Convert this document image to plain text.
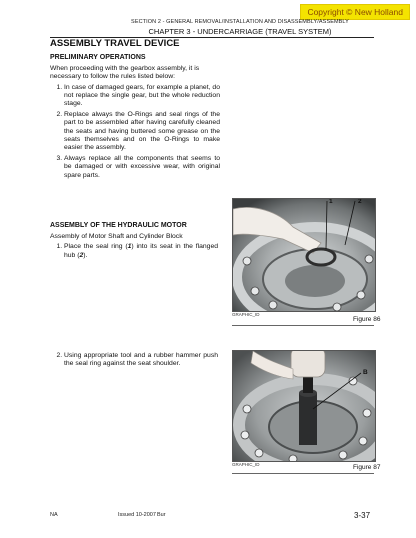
Copyright © New Holland
SECTION 2 - GENERAL REMOVAL/INSTALLATION AND DISASSEMBLY/ASSEMBLY
CHAPTER 3 - UNDERCARRIAGE (TRAVEL SYSTEM)
ASSEMBLY TRAVEL DEVICE
PRELIMINARY OPERATIONS
When proceeding with the gearbox assembly, it is necessary to follow the rules listed below:
1. In case of damaged gears, for example a planet, do not replace the single gear, but the whole reduction stage.
2. Replace always the O-Rings and seal rings of the part to be assembled after having carefully cleaned the seats and having buttered some grease on the seats themselves and on the O-Rings to make easier the assembly.
3. Always replace all the components that seems to be damaged or with excessive wear, with original spare parts.
ASSEMBLY OF THE HYDRAULIC MOTOR
Assembly of Motor Shaft and Cylinder Block
1. Place the seal ring (1) into its seat in the flanged hub (2).
2. Using appropriate tool and a rubber hammer push the seal ring against the seat shoulder.
1	2
GRAPHIC_ID
Figure 86
B
GRAPHIC_ID	Figure 87
NA	Issued 10-2007 Bur	3-37
